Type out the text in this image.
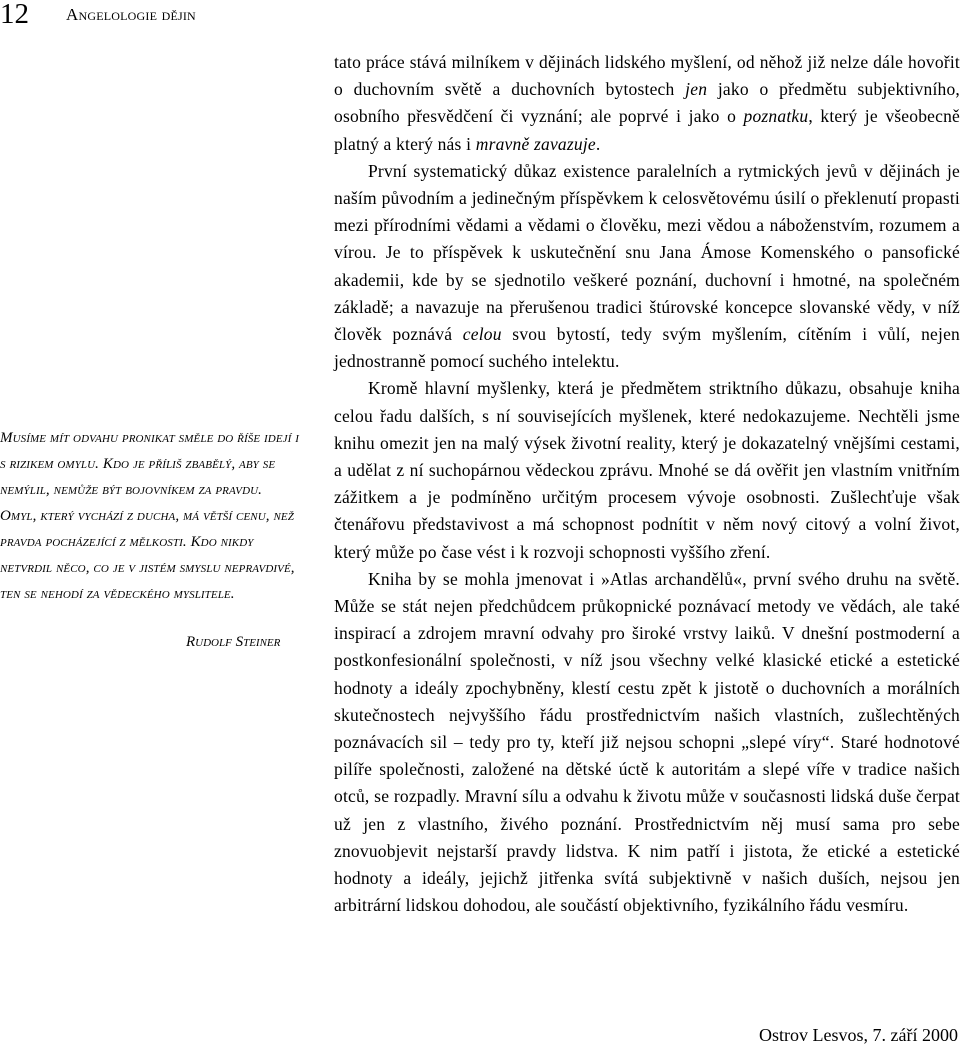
12 Angelologie dějin
Musíme mít odvahu pronikat směle do říše idejí i s rizikem omylu. Kdo je příliš zbabělý, aby se nemýlil, nemůže být bojovníkem za pravdu. Omyl, který vychází z ducha, má větší cenu, než pravda pocházející z mělkosti. Kdo nikdy netvrdil něco, co je v jistém smyslu nepravdivé, ten se nehodí za vědeckého myslitele.
Rudolf Steiner

tato práce stává milníkem v dějinách lidského myšlení, od něhož již nelze dále hovořit o duchovním světě a duchovních bytostech jen jako o předmětu subjektivního, osobního přesvědčení či vyznání; ale poprvé i jako o poznatku, který je všeobecně platný a který nás i mravně zavazuje.

První systematický důkaz existence paralelních a rytmických jevů v dějinách je naším původním a jedinečným příspěvkem k celosvětovému úsilí o překlenutí propasti mezi přírodními vědami a vědami o člověku, mezi vědou a náboženstvím, rozumem a vírou. Je to příspěvek k uskutečnění snu Jana Ámose Komenského o pansofické akademii, kde by se sjednotilo veškeré poznání, duchovní i hmotné, na společném základě; a navazuje na přerušenou tradici štúrovské koncepce slovanské vědy, v níž člověk poznává celou svou bytostí, tedy svým myšlením, cítěním i vůlí, nejen jednostranně pomocí suchého intelektu.

Kromě hlavní myšlenky, která je předmětem striktního důkazu, obsahuje kniha celou řadu dalších, s ní souvisejících myšlenek, které nedokazujeme. Nechtěli jsme knihu omezit jen na malý výsek životní reality, který je dokazatelný vnějšími cestami, a udělat z ní suchopárnou vědeckou zprávu. Mnohé se dá ověřit jen vlastním vnitřním zážitkem a je podmíněno určitým procesem vývoje osobnosti. Zušlechťuje však čtenářovu představivost a má schopnost podnítit v něm nový citový a volní život, který může po čase vést i k rozvoji schopnosti vyššího zření.

Kniha by se mohla jmenovat i »Atlas archandělů«, první svého druhu na světě. Může se stát nejen předchůdcem průkopnické poznávací metody ve vědách, ale také inspirací a zdrojem mravní odvahy pro široké vrstvy laiků. V dnešní postmoderní a postkonfesionální společnosti, v níž jsou všechny velké klasické etické a estetické hodnoty a ideály zpochybněny, klestí cestu zpět k jistotě o duchovních a morálních skutečnostech nejvyššího řádu prostřednictvím našich vlastních, zušlechtěných poznávacích sil – tedy pro ty, kteří již nejsou schopni „slepé víry“. Staré hodnotové pilíře společnosti, založené na dětské úctě k autoritám a slepé víře v tradice našich otců, se rozpadly. Mravní sílu a odvahu k životu může v současnosti lidská duše čerpat už jen z vlastního, živého poznání. Prostřednictvím něj musí sama pro sebe znovuobjevit nejstarší pravdy lidstva. K nim patří i jistota, že etické a estetické hodnoty a ideály, jejichž jitřenka svítá subjektivně v našich duších, nejsou jen arbitrární lidskou dohodou, ale součástí objektivního, fyzikálního řádu vesmíru.

Ostrov Lesvos, 7. září 2000
